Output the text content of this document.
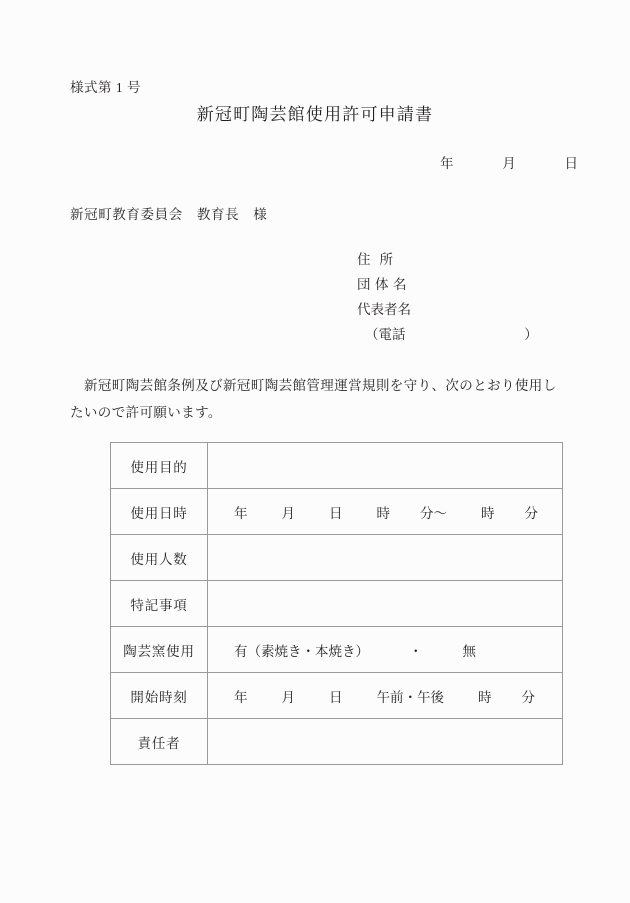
様式第 1 号
新冠町陶芸館使用許可申請書
年	月	日
新冠町教育委員会　教育長　様
住所
団体名
代表者名
（電話	）
新冠町陶芸館条例及び新冠町陶芸館管理運営規則を守り、次のとおり使用したいので許可願います。
使用目的	
使用日時	年 月 日 時 分～ 時 分
使用人数	
特記事項	
陶芸窯使用	有（素焼き・本焼き） ・ 無
開始時刻	年 月 日 午前・午後 時 分
責任者	
